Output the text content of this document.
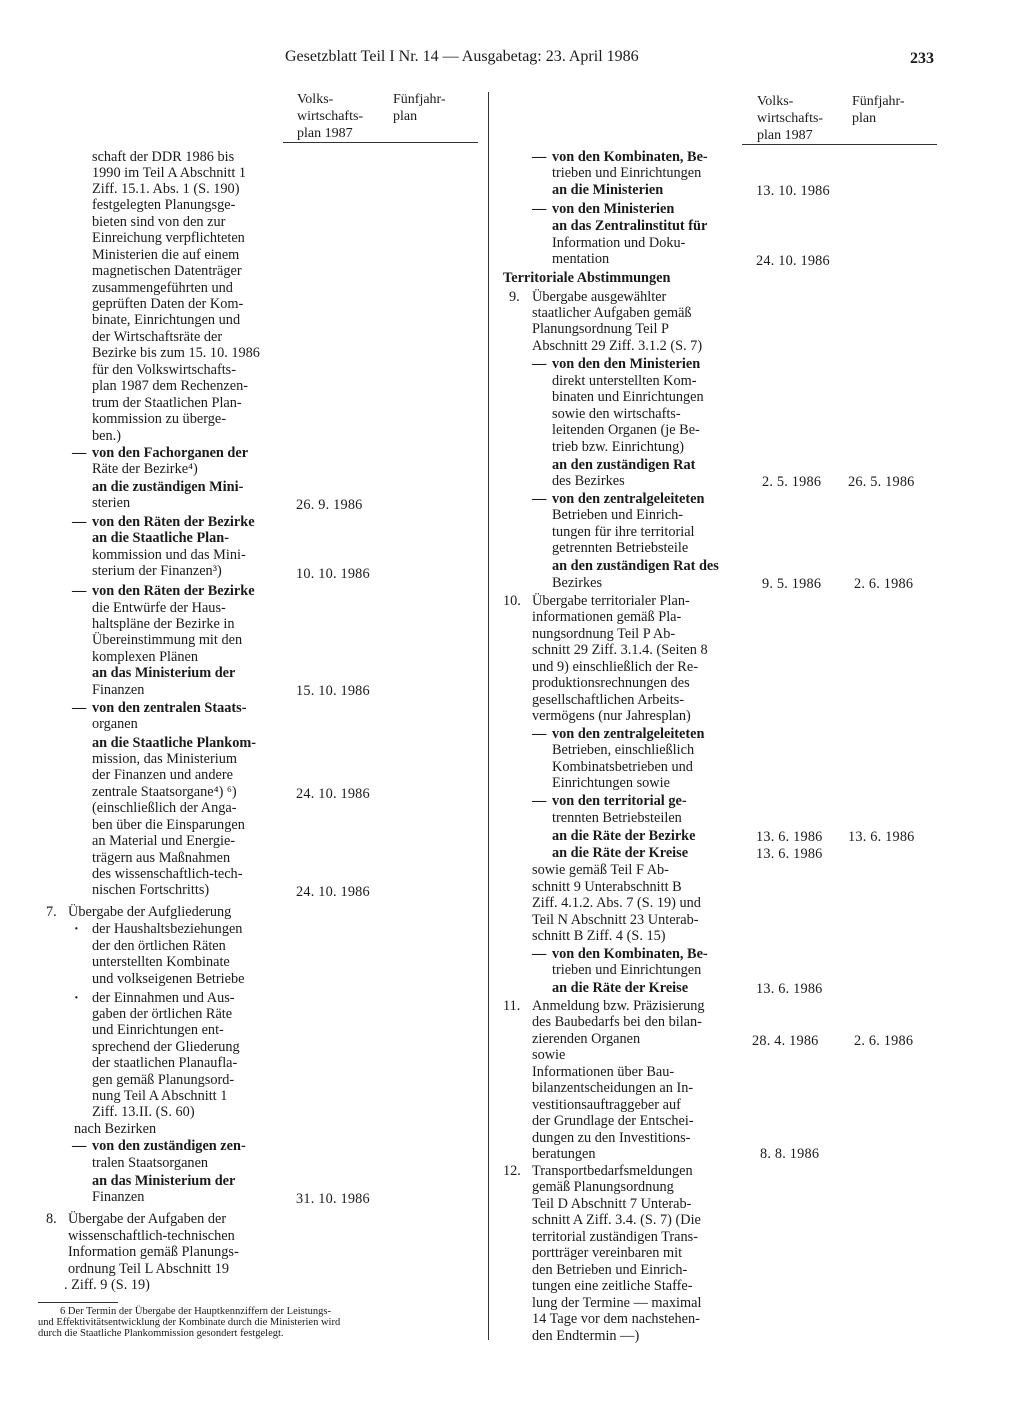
Gesetzblatt Teil I Nr. 14 — Ausgabetag: 23. April 1986	233
Volks-
wirtschafts-
plan 1987
Fünfjahr-
plan
Volks-
wirtschafts-
plan 1987
Fünfjahr-
plan
schaft der DDR 1986 bis
1990 im Teil A Abschnitt 1
Ziff. 15.1. Abs. 1 (S. 190)
festgelegten Planungsge-
bieten sind von den zur
Einreichung verpflichteten
Ministerien die auf einem
magnetischen Datenträger
zusammengeführten und
geprüften Daten der Kom-
binate, Einrichtungen und
der Wirtschaftsräte der
Bezirke bis zum 15. 10. 1986
für den Volkswirtschafts-
plan 1987 dem Rechenzen-
trum der Staatlichen Plan-
kommission zu überge-
ben.)
— von den Fachorganen der
Räte der Bezirke⁴)
an die zuständigen Mini-
sterien
— von den Räten der Bezirke
an die Staatliche Plan-
kommission und das Mini-
sterium der Finanzen³)
— von den Räten der Bezirke
die Entwürfe der Haus-
haltspläne der Bezirke in
Übereinstimmung mit den
komplexen Plänen
an das Ministerium der
Finanzen
— von den zentralen Staats-
organen
an die Staatliche Plankom-
mission, das Ministerium
der Finanzen und andere
zentrale Staatsorgane⁴) ⁶)
(einschließlich der Anga-
ben über die Einsparungen
an Material und Energie-
trägern aus Maßnahmen
des wissenschaftlich-tech-
nischen Fortschritts)
7. Übergabe der Aufgliederung
· der Haushaltsbeziehungen
der den örtlichen Räten
unterstellten Kombinate
und volkseigenen Betriebe
· der Einnahmen und Aus-
gaben der örtlichen Räte
und Einrichtungen ent-
sprechend der Gliederung
der staatlichen Planaufla-
gen gemäß Planungsord-
nung Teil A Abschnitt 1
Ziff. 13.II. (S. 60)
nach Bezirken
— von den zuständigen zen-
tralen Staatsorganen
an das Ministerium der
Finanzen
8. Übergabe der Aufgaben der
wissenschaftlich-technischen
Information gemäß Planungs-
ordnung Teil L Abschnitt 19
. Ziff. 9 (S. 19)
26. 9. 1986
10. 10. 1986
15. 10. 1986
24. 10. 1986
24. 10. 1986
31. 10. 1986
6 Der Termin der Übergabe der Hauptkennziffern der Leistungs-
und Effektivitätsentwicklung der Kombinate durch die Ministerien wird
durch die Staatliche Plankommission gesondert festgelegt.
— von den Kombinaten, Be-
trieben und Einrichtungen
an die Ministerien
— von den Ministerien
an das Zentralinstitut für
Information und Doku-
mentation
Territoriale Abstimmungen
9. Übergabe ausgewählter
staatlicher Aufgaben gemäß
Planungsordnung Teil P
Abschnitt 29 Ziff. 3.1.2 (S. 7)
— von den den Ministerien
direkt unterstellten Kom-
binaten und Einrichtungen
sowie den wirtschafts-
leitenden Organen (je Be-
trieb bzw. Einrichtung)
an den zuständigen Rat
des Bezirkes
— von den zentralgeleiteten
Betrieben und Einrich-
tungen für ihre territorial
getrennten Betriebsteile
an den zuständigen Rat des
Bezirkes
10. Übergabe territorialer Plan-
informationen gemäß Pla-
nungsordnung Teil P Ab-
schnitt 29 Ziff. 3.1.4. (Seiten 8
und 9) einschließlich der Re-
produktionsrechnungen des
gesellschaftlichen Arbeits-
vermögens (nur Jahresplan)
— von den zentralgeleiteten
Betrieben, einschließlich
Kombinatsbetrieben und
Einrichtungen sowie
— von den territorial ge-
trennten Betriebsteilen
an die Räte der Bezirke
an die Räte der Kreise
sowie gemäß Teil F Ab-
schnitt 9 Unterabschnitt B
Ziff. 4.1.2. Abs. 7 (S. 19) und
Teil N Abschnitt 23 Unterab-
schnitt B Ziff. 4 (S. 15)
— von den Kombinaten, Be-
trieben und Einrichtungen
an die Räte der Kreise
11. Anmeldung bzw. Präzisierung
des Baubedarfs bei den bilan-
zierenden Organen
sowie
Informationen über Bau-
bilanzentscheidungen an In-
vestitionsauftraggeber auf
der Grundlage der Entschei-
dungen zu den Investitions-
beratungen
12. Transportbedarfsmeldungen
gemäß Planungsordnung
Teil D Abschnitt 7 Unterab-
schnitt A Ziff. 3.4. (S. 7) (Die
territorial zuständigen Trans-
portträger vereinbaren mit
den Betrieben und Einrich-
tungen eine zeitliche Staffe-
lung der Termine — maximal
14 Tage vor dem nachstehen-
den Endtermin —)
13. 10. 1986
24. 10. 1986
2. 5. 1986 26. 5. 1986
9. 5. 1986 2. 6. 1986
13. 6. 1986 13. 6. 1986
13. 6. 1986
13. 6. 1986
28. 4. 1986 2. 6. 1986
8. 8. 1986
